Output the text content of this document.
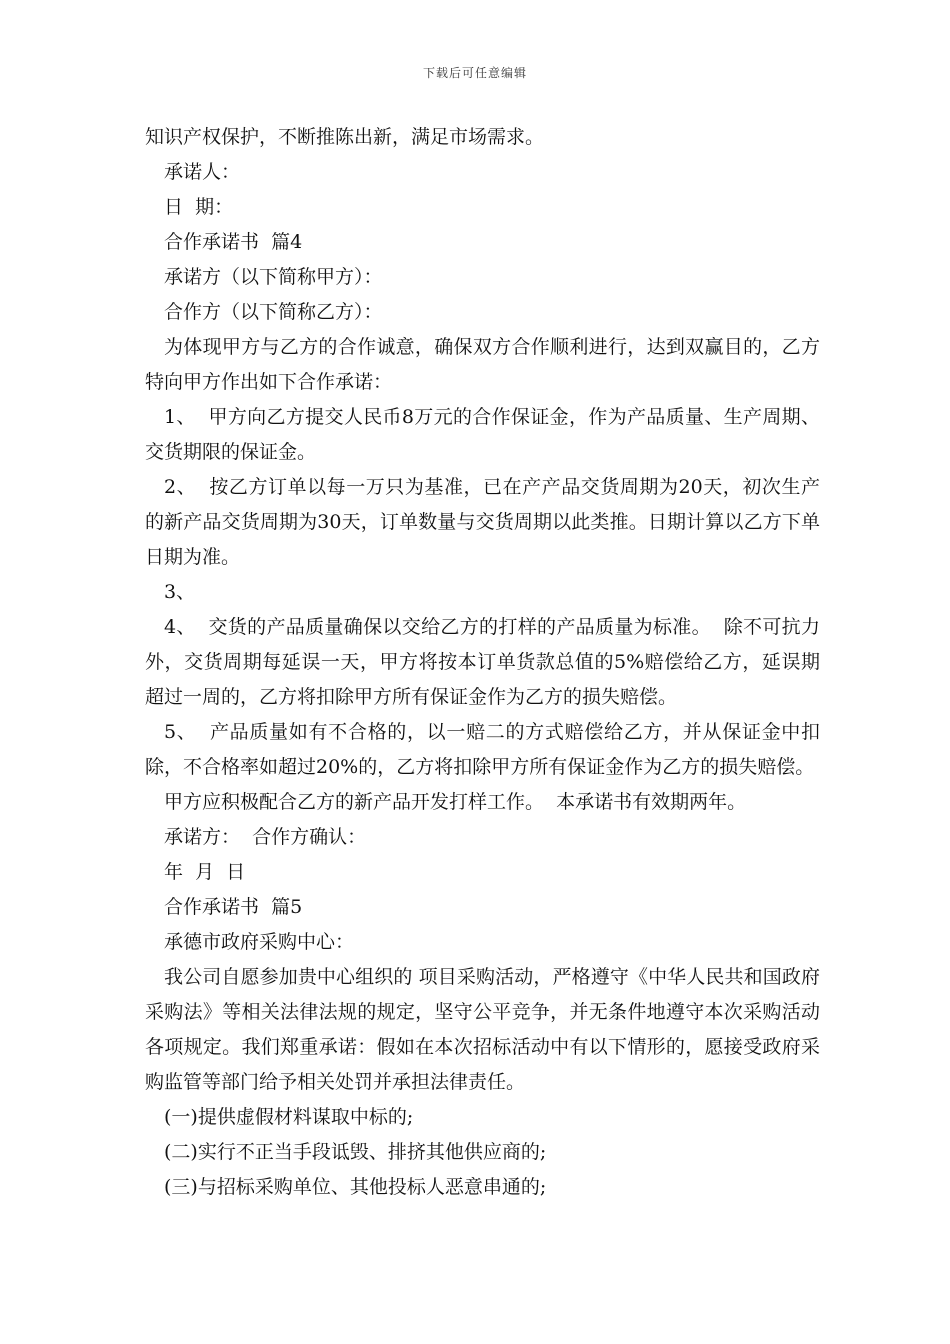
下载后可任意编辑

知识产权保护，不断推陈出新，满足市场需求。

承诺人：

日  期：

合作承诺书  篇4

承诺方（以下简称甲方）：

合作方（以下简称乙方）：

为体现甲方与乙方的合作诚意，确保双方合作顺利进行，达到双赢目的，乙方特向甲方作出如下合作承诺：

1、  甲方向乙方提交人民币8万元的合作保证金，作为产品质量、生产周期、交货期限的保证金。

2、  按乙方订单以每一万只为基准，已在产产品交货周期为20天，初次生产的新产品交货周期为30天，订单数量与交货周期以此类推。日期计算以乙方下单日期为准。

3、

4、  交货的产品质量确保以交给乙方的打样的产品质量为标准。  除不可抗力外，交货周期每延误一天，甲方将按本订单货款总值的5%赔偿给乙方，延误期超过一周的，乙方将扣除甲方所有保证金作为乙方的损失赔偿。

5、  产品质量如有不合格的，以一赔二的方式赔偿给乙方，并从保证金中扣除，不合格率如超过20%的，乙方将扣除甲方所有保证金作为乙方的损失赔偿。

甲方应积极配合乙方的新产品开发打样工作。  本承诺书有效期两年。

承诺方：  合作方确认：

年  月  日

合作承诺书  篇5

承德市政府采购中心：

我公司自愿参加贵中心组织的 项目采购活动，严格遵守《中华人民共和国政府采购法》等相关法律法规的规定，坚守公平竞争，并无条件地遵守本次采购活动各项规定。我们郑重承诺：假如在本次招标活动中有以下情形的，愿接受政府采购监管等部门给予相关处罚并承担法律责任。

(一)提供虚假材料谋取中标的;

(二)实行不正当手段诋毁、排挤其他供应商的;

(三)与招标采购单位、其他投标人恶意串通的;
